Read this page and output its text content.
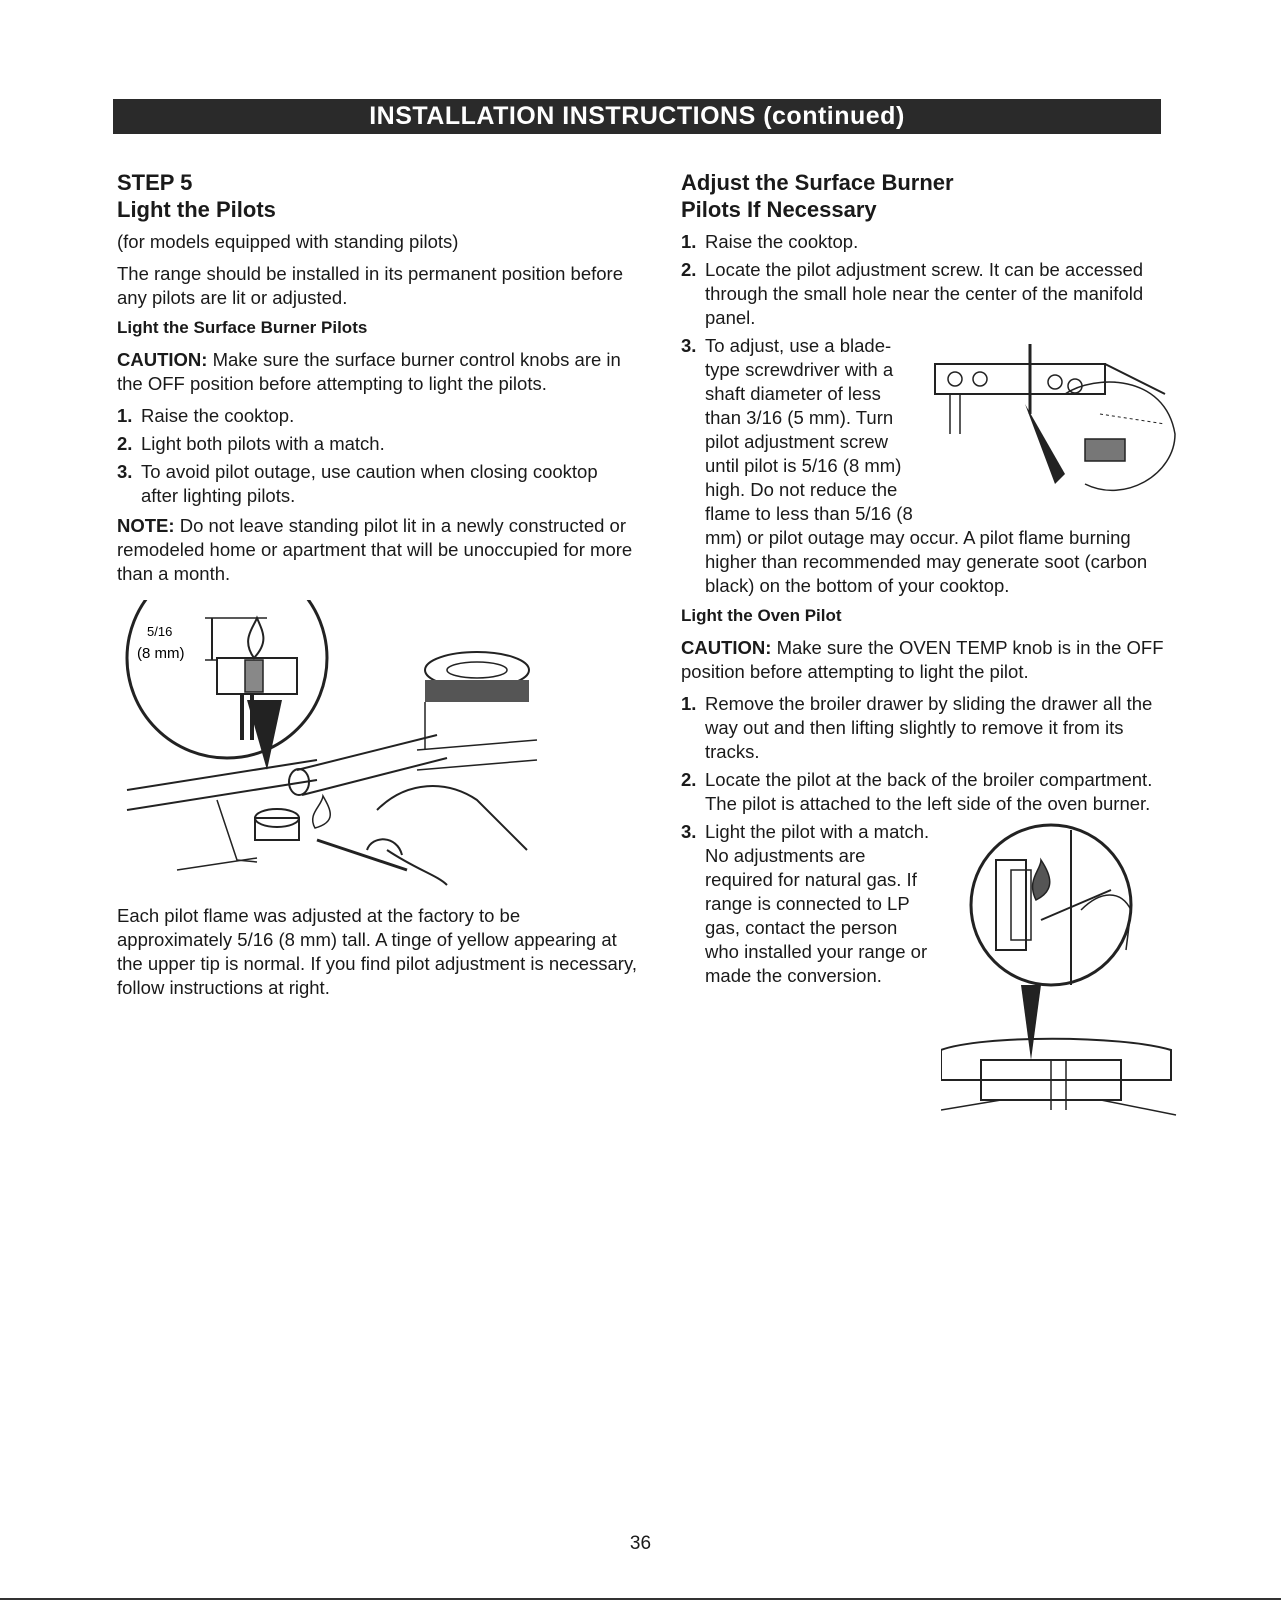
INSTALLATION INSTRUCTIONS (continued)
STEP 5
Light the Pilots

(for models equipped with standing pilots)

The range should be installed in its permanent position before any pilots are lit or adjusted.

Light the Surface Burner Pilots

CAUTION: Make sure the surface burner control knobs are in the OFF position before attempting to light the pilots.

1. Raise the cooktop.
2. Light both pilots with a match.
3. To avoid pilot outage, use caution when closing cooktop after lighting pilots.

NOTE: Do not leave standing pilot lit in a newly constructed or remodeled home or apartment that will be unoccupied for more than a month.

5/16
(8 mm)

Each pilot flame was adjusted at the factory to be approximately 5/16 (8 mm) tall. A tinge of yellow appearing at the upper tip is normal. If you find pilot adjustment is necessary, follow instructions at right.

Adjust the Surface Burner
Pilots If Necessary
1. Raise the cooktop.
2. Locate the pilot adjustment screw. It can be accessed through the small hole near the center of the manifold panel.
3. To adjust, use a blade-type screwdriver with a shaft diameter of less than 3/16 (5 mm). Turn pilot adjustment screw until pilot is 5/16 (8 mm) high. Do not reduce the flame to less than 5/16 (8 mm) or pilot outage may occur. A pilot flame burning higher than recommended may generate soot (carbon black) on the bottom of your cooktop.
Light the Oven Pilot

CAUTION: Make sure the OVEN TEMP knob is in the OFF position before attempting to light the pilot.

1. Remove the broiler drawer by sliding the drawer all the way out and then lifting slightly to remove it from its tracks.
2. Locate the pilot at the back of the broiler compartment. The pilot is attached to the left side of the oven burner.
3. Light the pilot with a match. No adjustments are required for natural gas. If range is connected to LP gas, contact the person who installed your range or made the conversion.
36
